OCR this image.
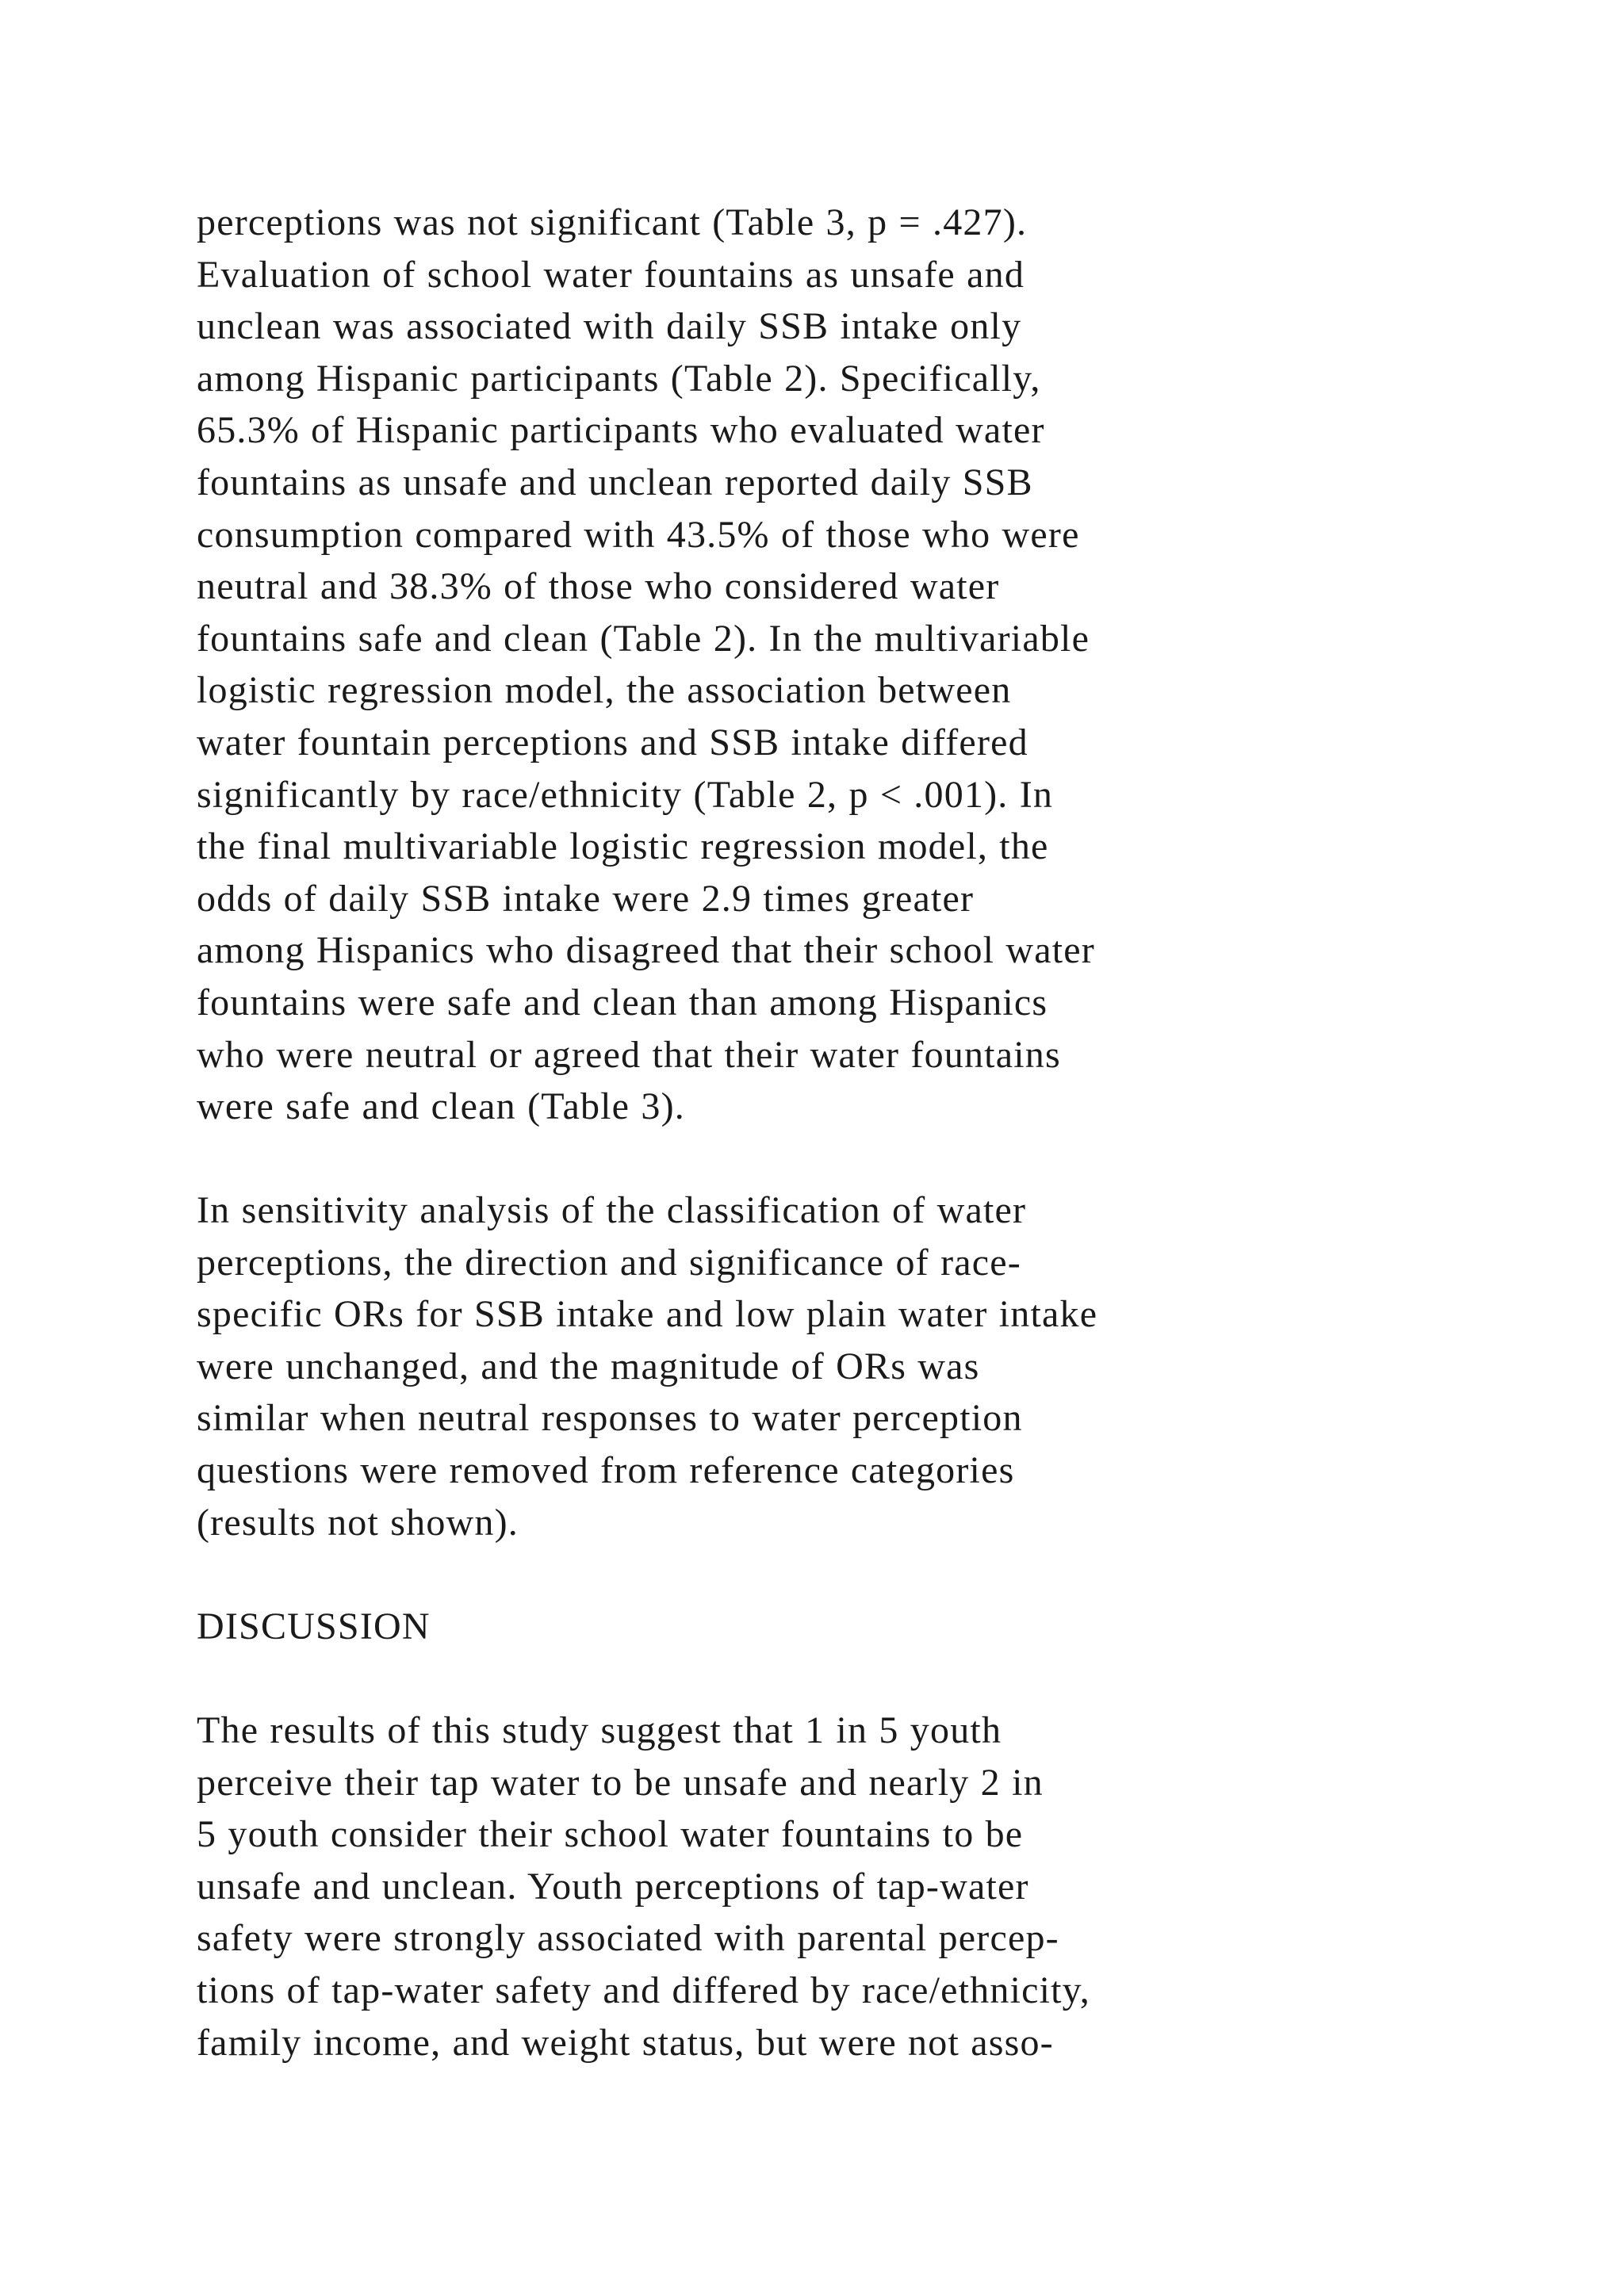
perceptions was not significant (Table 3, p = .427).
Evaluation of school water fountains as unsafe and
unclean was associated with daily SSB intake only
among Hispanic participants (Table 2). Specifically,
65.3% of Hispanic participants who evaluated water
fountains as unsafe and unclean reported daily SSB
consumption compared with 43.5% of those who were
neutral and 38.3% of those who considered water
fountains safe and clean (Table 2). In the multivariable
logistic regression model, the association between
water fountain perceptions and SSB intake differed
significantly by race/ethnicity (Table 2, p < .001). In
the final multivariable logistic regression model, the
odds of daily SSB intake were 2.9 times greater
among Hispanics who disagreed that their school water
fountains were safe and clean than among Hispanics
who were neutral or agreed that their water fountains
were safe and clean (Table 3).
In sensitivity analysis of the classification of water
perceptions, the direction and significance of race-
specific ORs for SSB intake and low plain water intake
were unchanged, and the magnitude of ORs was
similar when neutral responses to water perception
questions were removed from reference categories
(results not shown).
DISCUSSION
The results of this study suggest that 1 in 5 youth
perceive their tap water to be unsafe and nearly 2 in
5 youth consider their school water fountains to be
unsafe and unclean. Youth perceptions of tap-water
safety were strongly associated with parental percep-
tions of tap-water safety and differed by race/ethnicity,
family income, and weight status, but were not asso-
